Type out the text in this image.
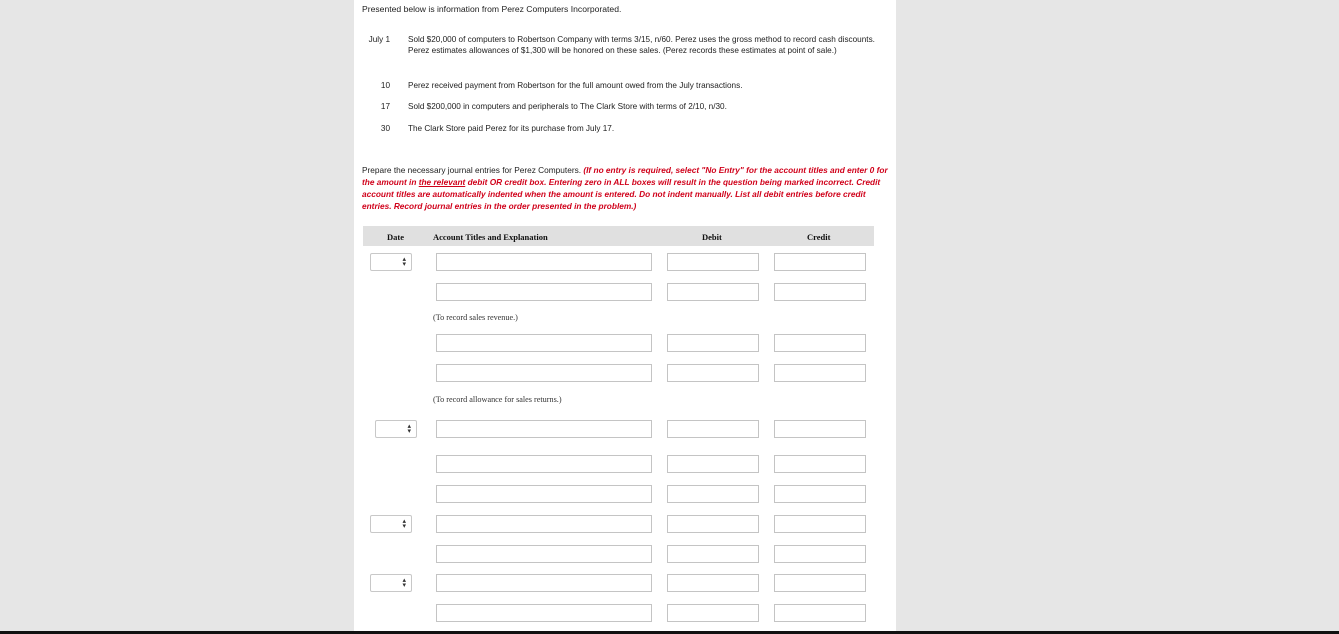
Presented below is information from Perez Computers Incorporated.
July 1 Sold $20,000 of computers to Robertson Company with terms 3/15, n/60. Perez uses the gross method to record cash discounts. Perez estimates allowances of $1,300 will be honored on these sales. (Perez records these estimates at point of sale.)
10 Perez received payment from Robertson for the full amount owed from the July transactions.
17 Sold $200,000 in computers and peripherals to The Clark Store with terms of 2/10, n/30.
30 The Clark Store paid Perez for its purchase from July 17.
Prepare the necessary journal entries for Perez Computers. (If no entry is required, select "No Entry" for the account titles and enter 0 for the amount in the relevant debit OR credit box. Entering zero in ALL boxes will result in the question being marked incorrect. Credit account titles are automatically indented when the amount is entered. Do not indent manually. List all debit entries before credit entries. Record journal entries in the order presented in the problem.)
Date	Account Titles and Explanation	Debit	Credit
▴
▾
▴
▾
▴
▾
▴
▾
(To record sales revenue.)
(To record allowance for sales returns.)
